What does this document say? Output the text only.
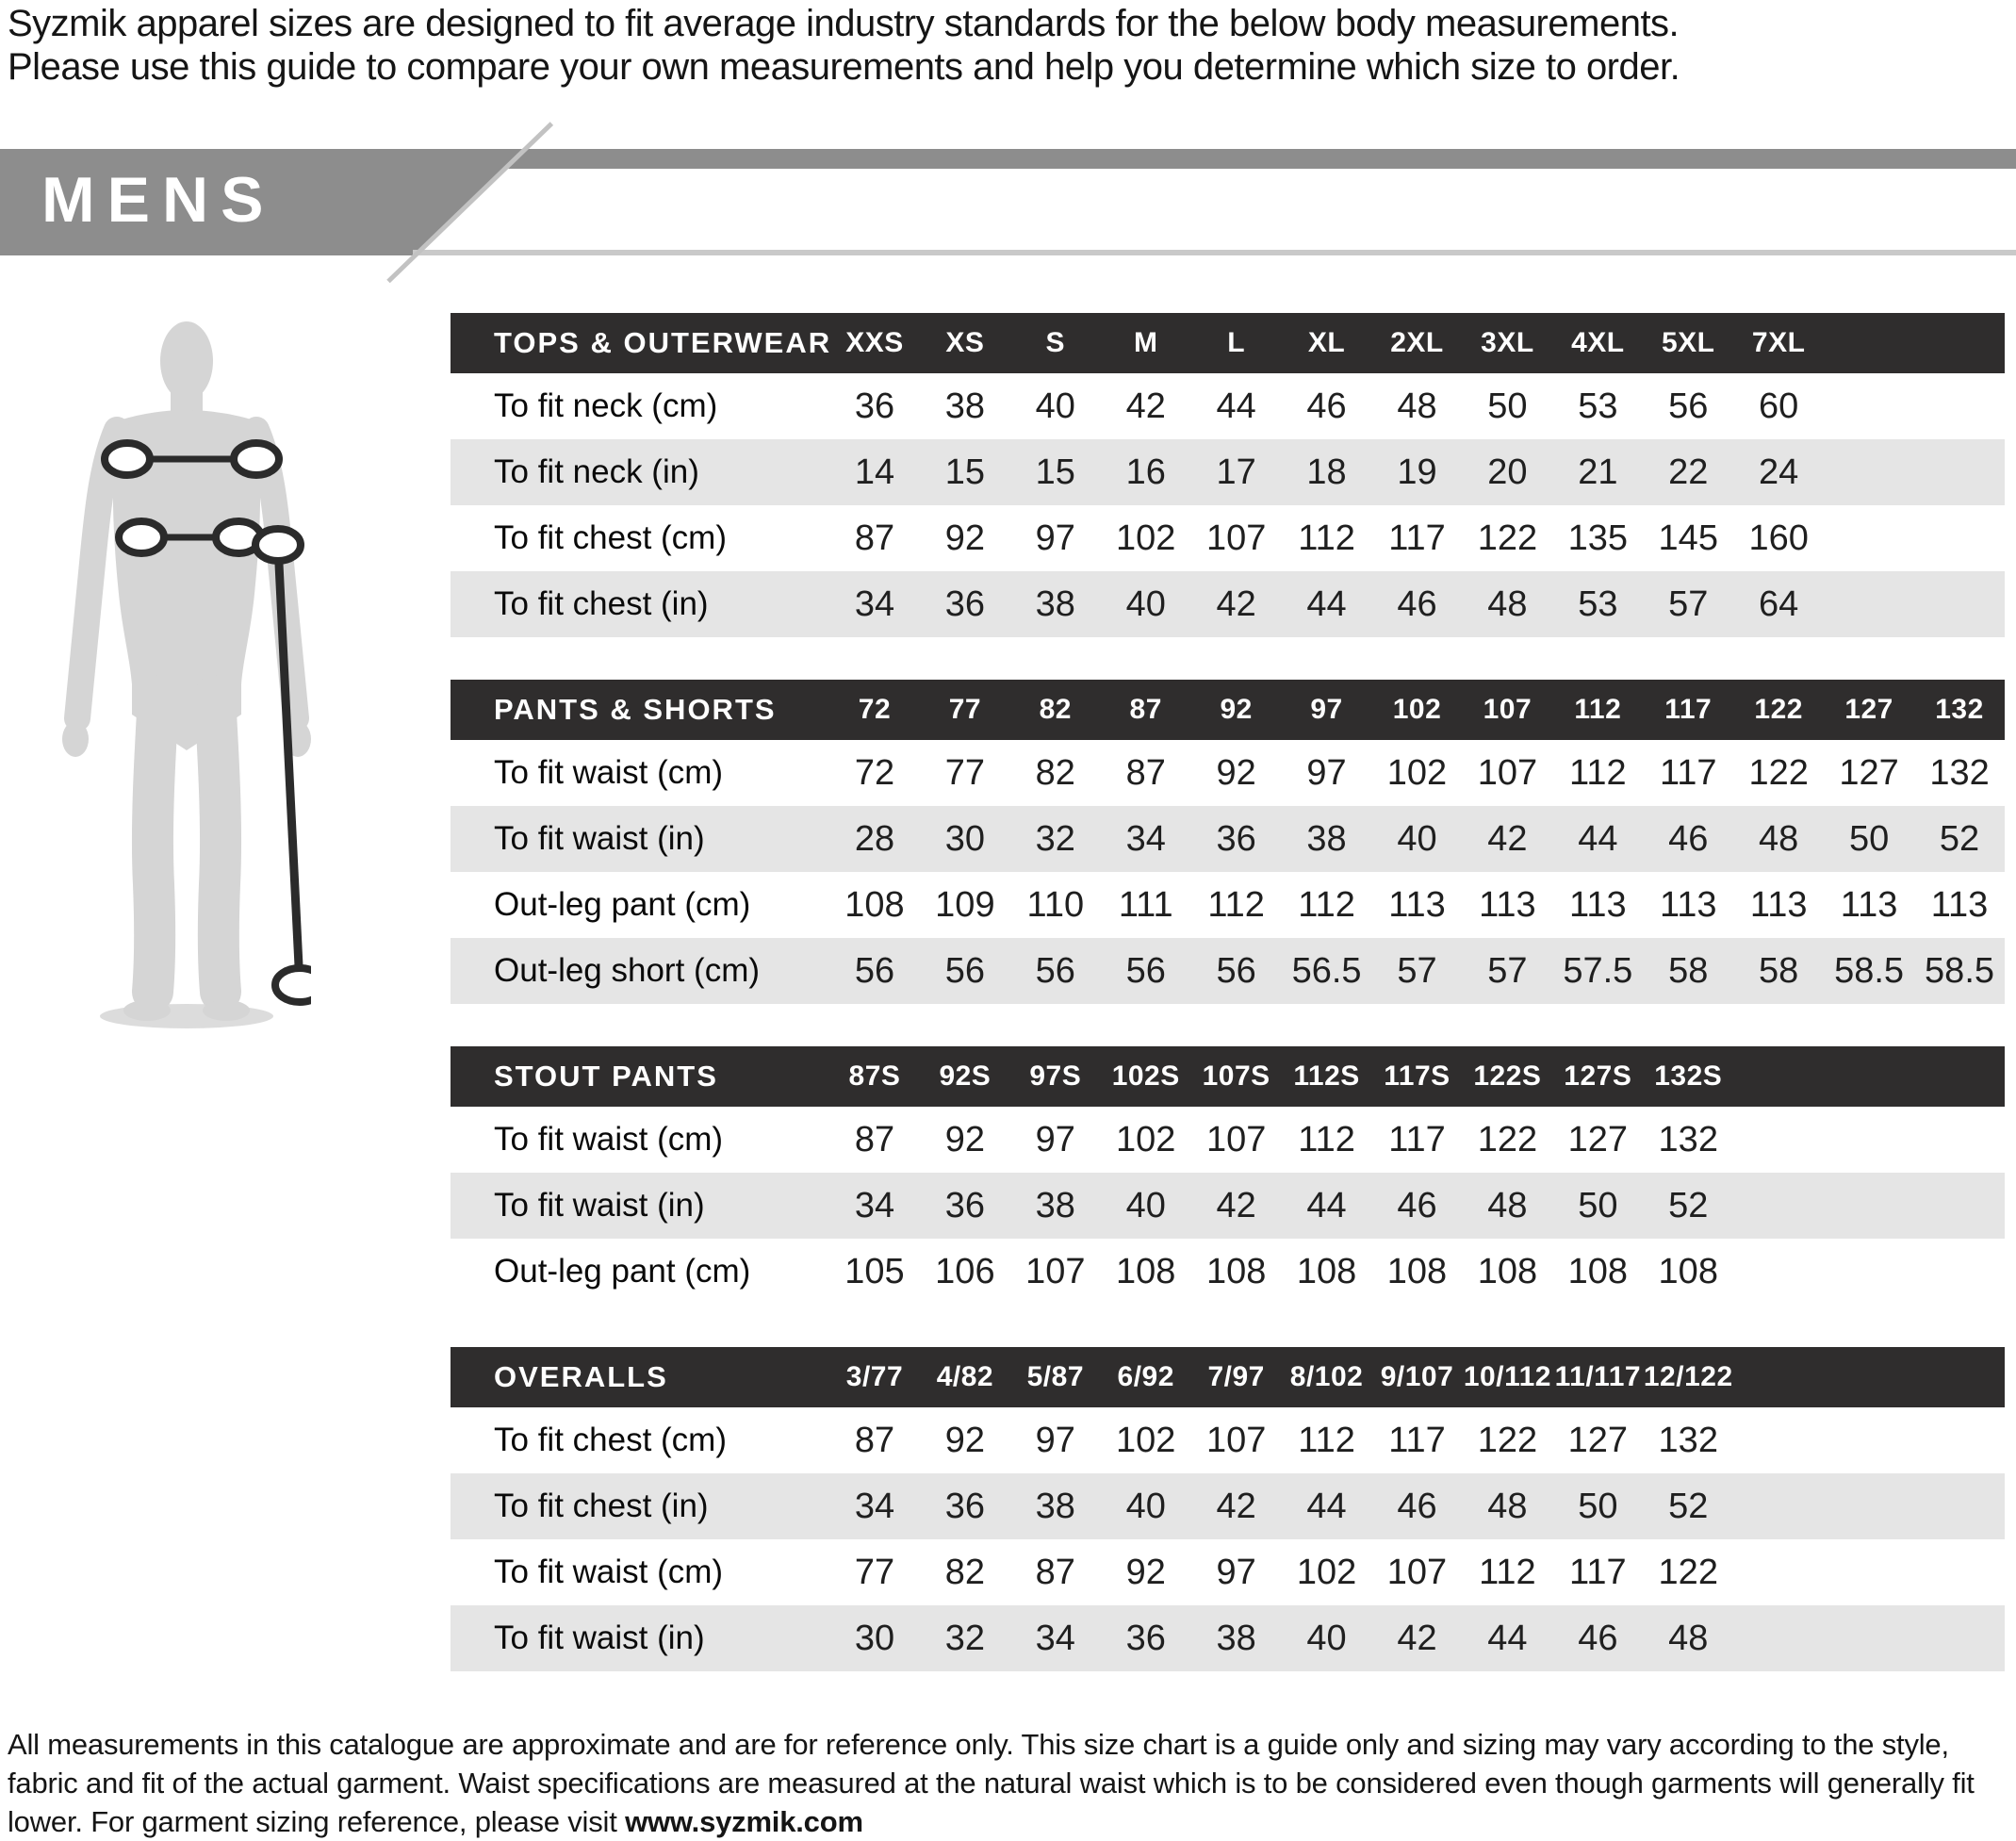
Syzmik apparel sizes are designed to fit average industry standards for the below body measurements.
Please use this guide to compare your own measurements and help you determine which size to order.
MENS
TOPS & OUTERWEAR XXS	XS	S	M	L	XL	2XL	3XL	4XL	5XL	7XL
To fit neck (cm)	36	38	40	42	44	46	48	50	53	56	60
To fit neck (in)	14	15	15	16	17	18	19	20	21	22	24
To fit chest (cm)	87	92	97	102 107 112 117 122 135 145 160
To fit chest (in)	34	36	38	40	42	44	46	48	53	57	64
PANTS & SHORTS	72	77	82	87	92	97	102	107	112	117	122	127	132
To fit waist (cm)	72	77	82	87	92	97	102 107 112 117 122 127 132
To fit waist (in)	28	30	32	34	36	38	40	42	44	46	48	50	52
Out-leg pant (cm)	108 109 110 111 112 112 113 113 113 113 113 113 113
Out-leg short (cm)	56	56	56	56	56 56.5 57	57 57.5 58	58 58.5 58.5
STOUT PANTS	87S	92S	97S	102S 107S 112S 117S 122S 127S 132S
To fit waist (cm)	87	92	97	102 107 112 117 122 127 132
To fit waist (in)	34	36	38	40	42	44	46	48	50	52
Out-leg pant (cm)	105 106 107 108 108 108 108 108 108 108
OVERALLS	3/77	4/82	5/87	6/92	7/97 8/102 9/107 10/112 11/117 12/122
To fit chest (cm)	87	92	97	102 107 112 117 122 127 132
To fit chest (in)	34	36	38	40	42	44	46	48	50	52
To fit waist (cm)	77	82	87	92	97	102 107 112 117 122
To fit waist (in)	30	32	34	36	38	40	42	44	46	48
All measurements in this catalogue are approximate and are for reference only. This size chart is a guide only and sizing may vary according to the style, fabric and fit of the actual garment. Waist specifications are measured at the natural waist which is to be considered even though garments will generally fit lower. For garment sizing reference, please visit www.syzmik.com
